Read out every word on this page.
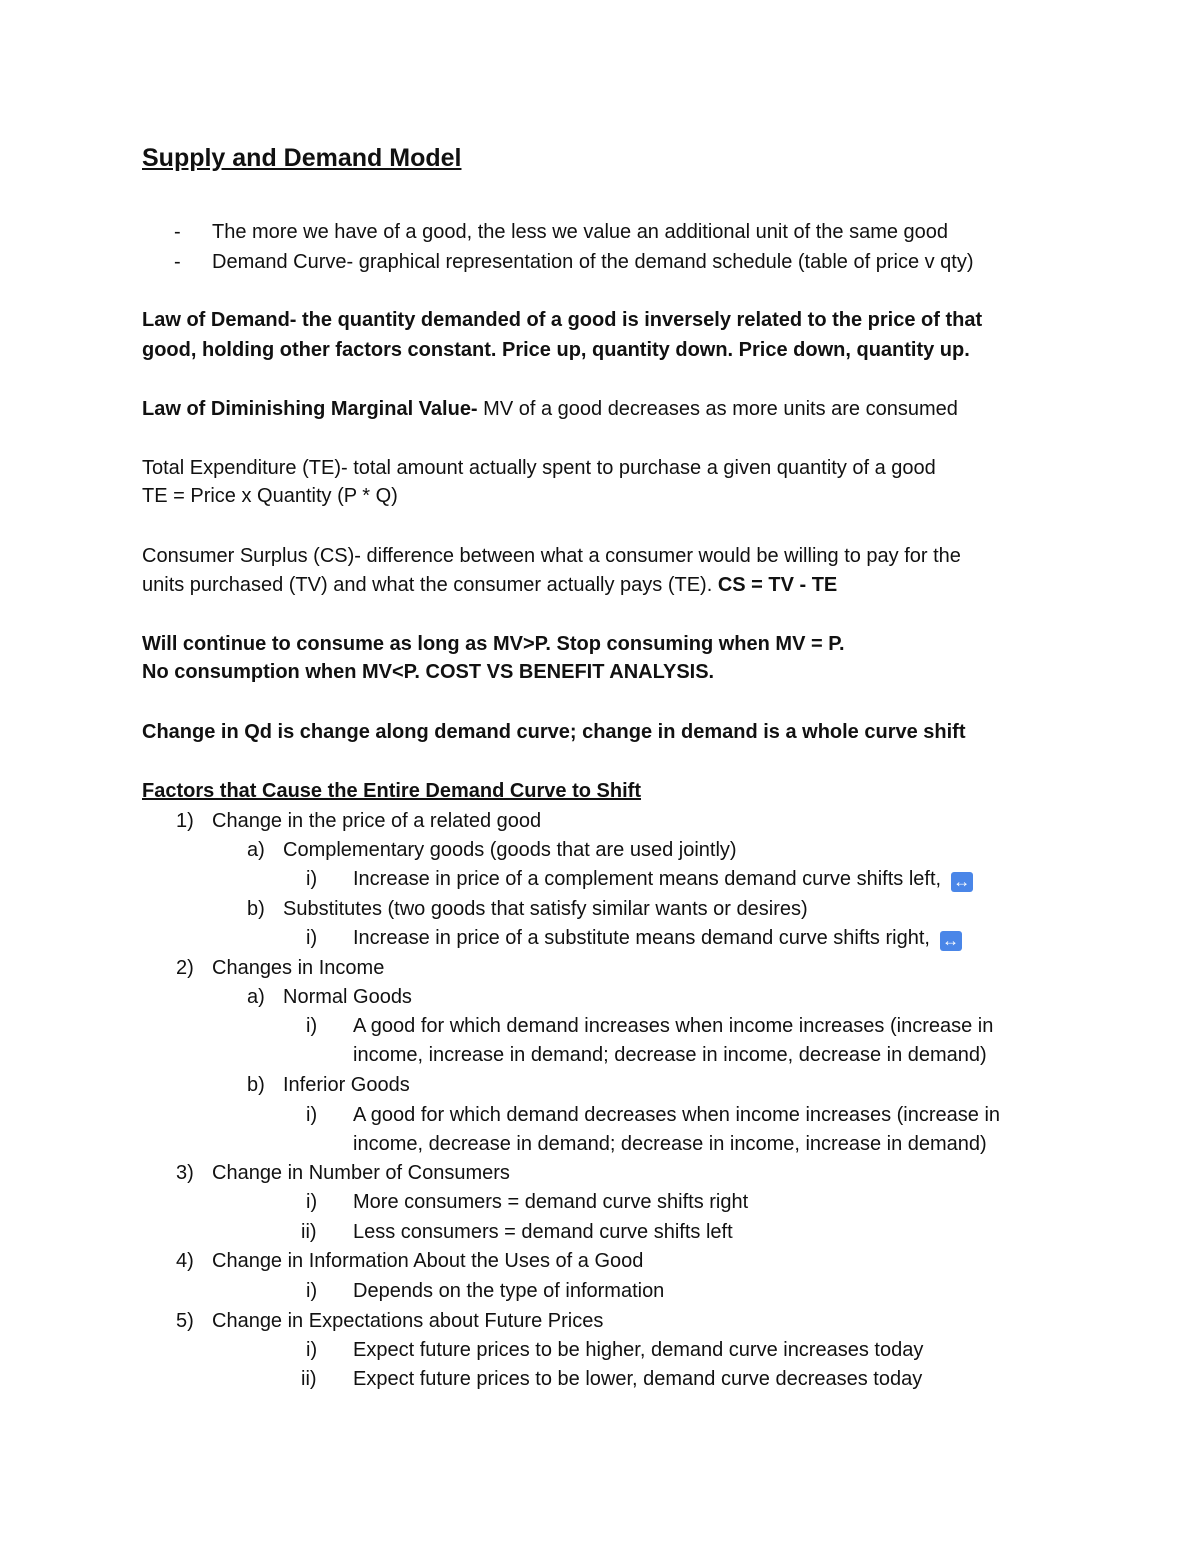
Supply and Demand Model
- The more we have of a good, the less we value an additional unit of the same good
- Demand Curve- graphical representation of the demand schedule (table of price v qty)
Law of Demand- the quantity demanded of a good is inversely related to the price of that
good, holding other factors constant. Price up, quantity down. Price down, quantity up.
Law of Diminishing Marginal Value- MV of a good decreases as more units are consumed
Total Expenditure (TE)- total amount actually spent to purchase a given quantity of a good
TE = Price x Quantity (P * Q)
Consumer Surplus (CS)- difference between what a consumer would be willing to pay for the
units purchased (TV) and what the consumer actually pays (TE). CS = TV - TE
Will continue to consume as long as MV>P. Stop consuming when MV = P.
No consumption when MV<P. COST VS BENEFIT ANALYSIS.
Change in Qd is change along demand curve; change in demand is a whole curve shift
Factors that Cause the Entire Demand Curve to Shift
1) Change in the price of a related good
a) Complementary goods (goods that are used jointly)
i) Increase in price of a complement means demand curve shifts left, ↔
b) Substitutes (two goods that satisfy similar wants or desires)
i) Increase in price of a substitute means demand curve shifts right, ↔
2) Changes in Income
a) Normal Goods
i) A good for which demand increases when income increases (increase in
income, increase in demand; decrease in income, decrease in demand)
b) Inferior Goods
i) A good for which demand decreases when income increases (increase in
income, decrease in demand; decrease in income, increase in demand)
3) Change in Number of Consumers
i) More consumers = demand curve shifts right
ii) Less consumers = demand curve shifts left
4) Change in Information About the Uses of a Good
i) Depends on the type of information
5) Change in Expectations about Future Prices
i) Expect future prices to be higher, demand curve increases today
ii) Expect future prices to be lower, demand curve decreases today
